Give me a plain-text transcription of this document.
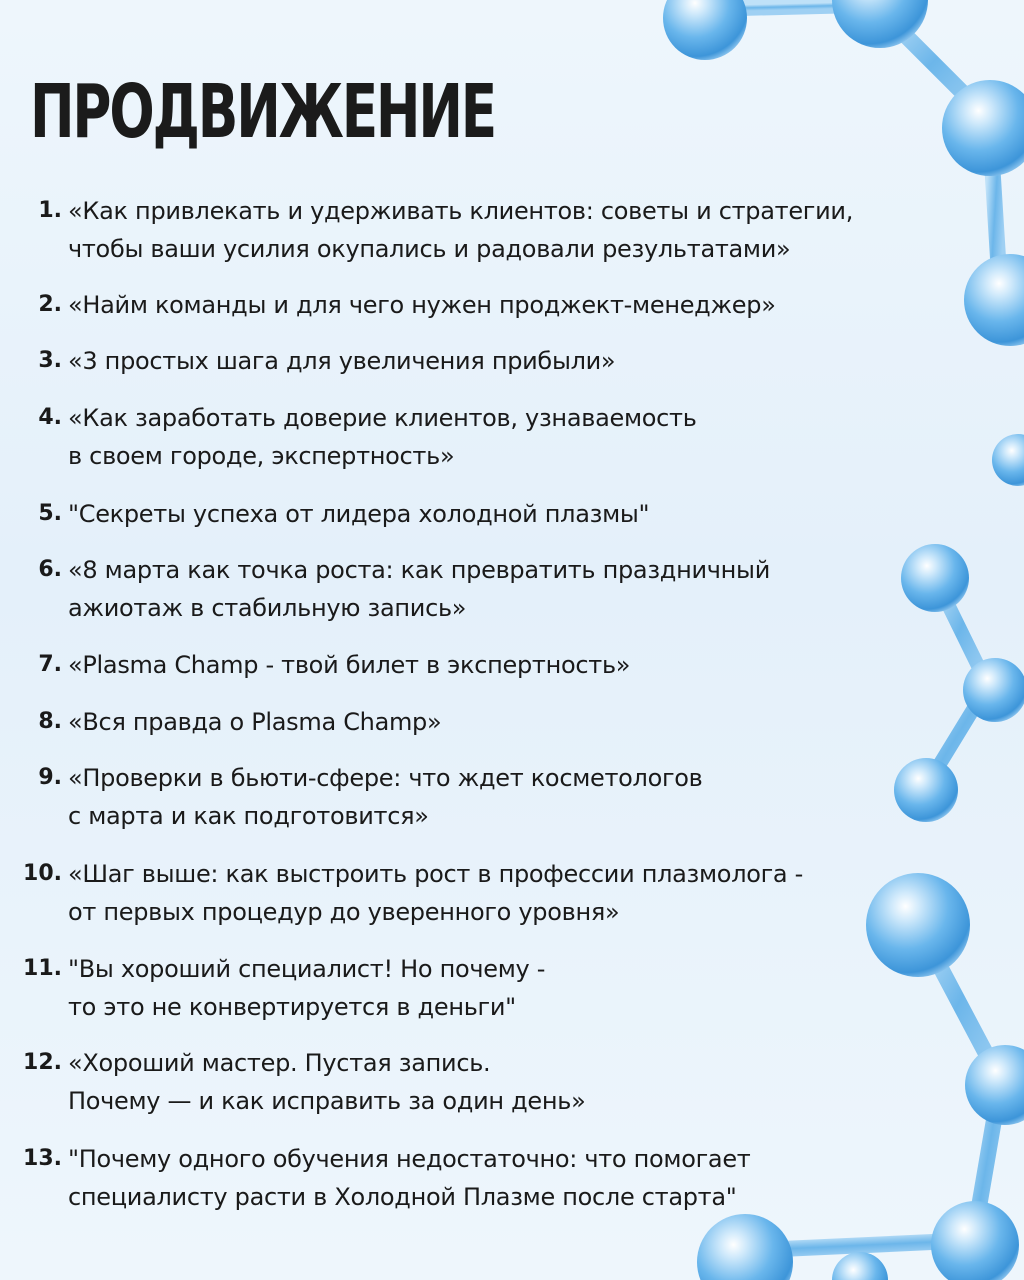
ПРОДВИЖЕНИЕ
1. «Как привлекать и удерживать клиентов: советы и стратегии,
чтобы ваши усилия окупались и радовали результатами»
2. «Найм команды и для чего нужен проджект-менеджер»
3. «3 простых шага для увеличения прибыли»
4. «Как заработать доверие клиентов, узнаваемость
в своем городе, экспертность»
5. "Секреты успеха от лидера холодной плазмы"
6. «8 марта как точка роста: как превратить праздничный
ажиотаж в стабильную запись»
7. «Plasma Champ - твой билет в экспертность»
8. «Вся правда о Plasma Champ»
9. «Проверки в бьюти-сфере: что ждет косметологов
с марта и как подготовится»
10. «Шаг выше: как выстроить рост в профессии плазмолога -
от первых процедур до уверенного уровня»
11. "Вы хороший специалист! Но почему -
то это не конвертируется в деньги"
12. «Хороший мастер. Пустая запись.
Почему — и как исправить за один день»
13. "Почему одного обучения недостаточно: что помогает
специалисту расти в Холодной Плазме после старта"
